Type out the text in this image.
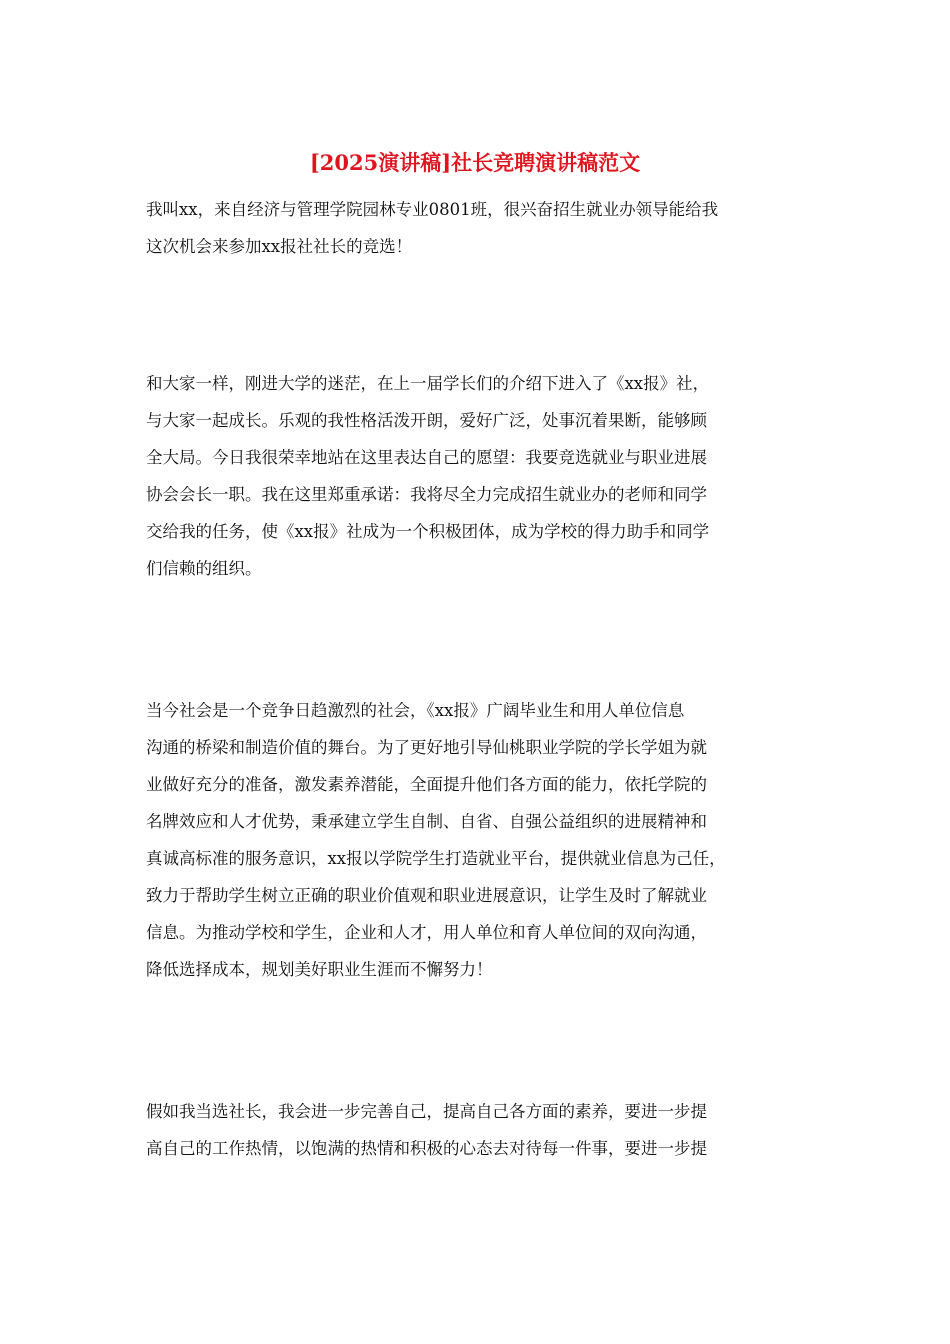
[2025演讲稿]社长竞聘演讲稿范文
我叫xx，来自经济与管理学院园林专业0801班，很兴奋招生就业办领导能给我
这次机会来参加xx报社社长的竞选！
和大家一样，刚进大学的迷茫，在上一届学长们的介绍下进入了《xx报》社，
与大家一起成长。乐观的我性格活泼开朗，爱好广泛，处事沉着果断，能够顾
全大局。今日我很荣幸地站在这里表达自己的愿望：我要竞选就业与职业进展
协会会长一职。我在这里郑重承诺：我将尽全力完成招生就业办的老师和同学
交给我的任务，使《xx报》社成为一个积极团体，成为学校的得力助手和同学
们信赖的组织。
当今社会是一个竞争日趋激烈的社会，《xx报》广阔毕业生和用人单位信息
沟通的桥梁和制造价值的舞台。为了更好地引导仙桃职业学院的学长学姐为就
业做好充分的准备，激发素养潜能，全面提升他们各方面的能力，依托学院的
名牌效应和人才优势，秉承建立学生自制、自省、自强公益组织的进展精神和
真诚高标准的服务意识，xx报以学院学生打造就业平台，提供就业信息为己任，
致力于帮助学生树立正确的职业价值观和职业进展意识，让学生及时了解就业
信息。为推动学校和学生，企业和人才，用人单位和育人单位间的双向沟通，
降低选择成本，规划美好职业生涯而不懈努力！
假如我当选社长，我会进一步完善自己，提高自己各方面的素养，要进一步提
高自己的工作热情，以饱满的热情和积极的心态去对待每一件事，要进一步提
